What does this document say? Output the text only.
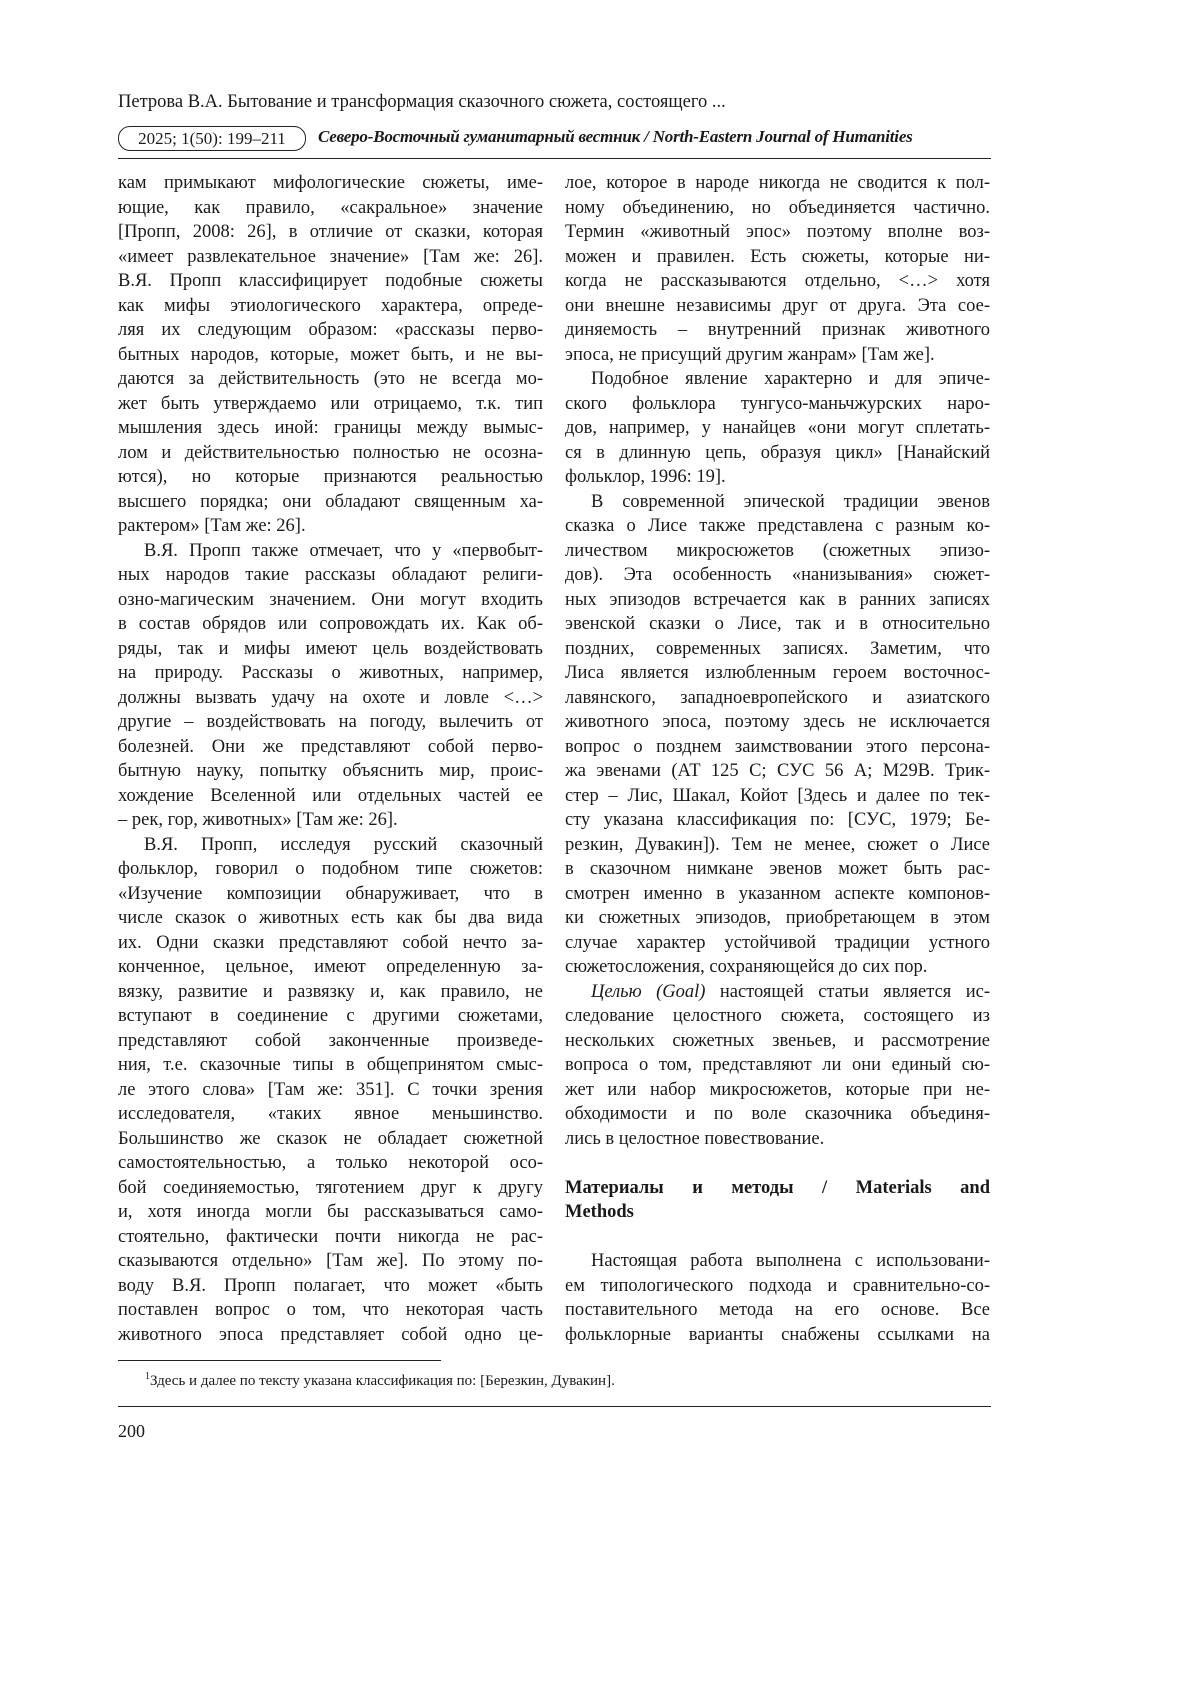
Петрова В.А. Бытование и трансформация сказочного сюжета, состоящего ...
2025; 1(50): 199–211	Северо-Восточный гуманитарный вестник / North-Eastern Journal of Humanities
кам примыкают мифологические сюжеты, име-
ющие, как правило, «сакральное» значение
[Пропп, 2008: 26], в отличие от сказки, которая
«имеет развлекательное значение» [Там же: 26].
В.Я. Пропп классифицирует подобные сюжеты
как мифы этиологического характера, опреде-
ляя их следующим образом: «рассказы перво-
бытных народов, которые, может быть, и не вы-
даются за действительность (это не всегда мо-
жет быть утверждаемо или отрицаемо, т.к. тип
мышления здесь иной: границы между вымыс-
лом и действительностью полностью не осозна-
ются), но которые признаются реальностью
высшего порядка; они обладают священным ха-
рактером» [Там же: 26].
В.Я. Пропп также отмечает, что у «первобыт-
ных народов такие рассказы обладают религи-
озно-магическим значением. Они могут входить
в состав обрядов или сопровождать их. Как об-
ряды, так и мифы имеют цель воздействовать
на природу. Рассказы о животных, например,
должны вызвать удачу на охоте и ловле <…>
другие – воздействовать на погоду, вылечить от
болезней. Они же представляют собой перво-
бытную науку, попытку объяснить мир, проис-
хождение Вселенной или отдельных частей ее
– рек, гор, животных» [Там же: 26].
В.Я. Пропп, исследуя русский сказочный
фольклор, говорил о подобном типе сюжетов:
«Изучение композиции обнаруживает, что в
числе сказок о животных есть как бы два вида
их. Одни сказки представляют собой нечто за-
конченное, цельное, имеют определенную за-
вязку, развитие и развязку и, как правило, не
вступают в соединение с другими сюжетами,
представляют собой законченные произведе-
ния, т.е. сказочные типы в общепринятом смыс-
ле этого слова» [Там же: 351]. С точки зрения
исследователя, «таких явное меньшинство.
Большинство же сказок не обладает сюжетной
самостоятельностью, а только некоторой осо-
бой соединяемостью, тяготением друг к другу
и, хотя иногда могли бы рассказываться само-
стоятельно, фактически почти никогда не рас-
сказываются отдельно» [Там же]. По этому по-
воду В.Я. Пропп полагает, что может «быть
поставлен вопрос о том, что некоторая часть
животного эпоса представляет собой одно це-
лое, которое в народе никогда не сводится к пол-
ному объединению, но объединяется частично.
Термин «животный эпос» поэтому вполне воз-
можен и правилен. Есть сюжеты, которые ни-
когда не рассказываются отдельно, <…> хотя
они внешне независимы друг от друга. Эта сое-
диняемость – внутренний признак животного
эпоса, не присущий другим жанрам» [Там же].
Подобное явление характерно и для эпиче-
ского фольклора тунгусо-маньчжурских наро-
дов, например, у нанайцев «они могут сплетать-
ся в длинную цепь, образуя цикл» [Нанайский
фольклор, 1996: 19].
В современной эпической традиции эвенов
сказка о Лисе также представлена с разным ко-
личеством микросюжетов (сюжетных эпизо-
дов). Эта особенность «нанизывания» сюжет-
ных эпизодов встречается как в ранних записях
эвенской сказки о Лисе, так и в относительно
поздних, современных записях. Заметим, что
Лиса является излюбленным героем восточнос-
лавянского, западноевропейского и азиатского
животного эпоса, поэтому здесь не исключается
вопрос о позднем заимствовании этого персона-
жа эвенами (АТ 125 С; СУС 56 А; M29B. Трик-
стер – Лис, Шакал, Койот [Здесь и далее по тек-
сту указана классификация по: [СУС, 1979; Бе-
резкин, Дувакин]). Тем не менее, сюжет о Лисе
в сказочном нимкане эвенов может быть рас-
смотрен именно в указанном аспекте компонов-
ки сюжетных эпизодов, приобретающем в этом
случае характер устойчивой традиции устного
сюжетосложения, сохраняющейся до сих пор.
Целью (Goal) настоящей статьи является ис-
следование целостного сюжета, состоящего из
нескольких сюжетных звеньев, и рассмотрение
вопроса о том, представляют ли они единый сю-
жет или набор микросюжетов, которые при не-
обходимости и по воле сказочника объединя-
лись в целостное повествование.
Материалы и методы / Materials and
Methods
Настоящая работа выполнена с использовани-
ем типологического подхода и сравнительно-со-
поставительного метода на его основе. Все
фольклорные варианты снабжены ссылками на
$^1$Здесь и далее по тексту указана классификация по: [Березкин, Дувакин].
200
